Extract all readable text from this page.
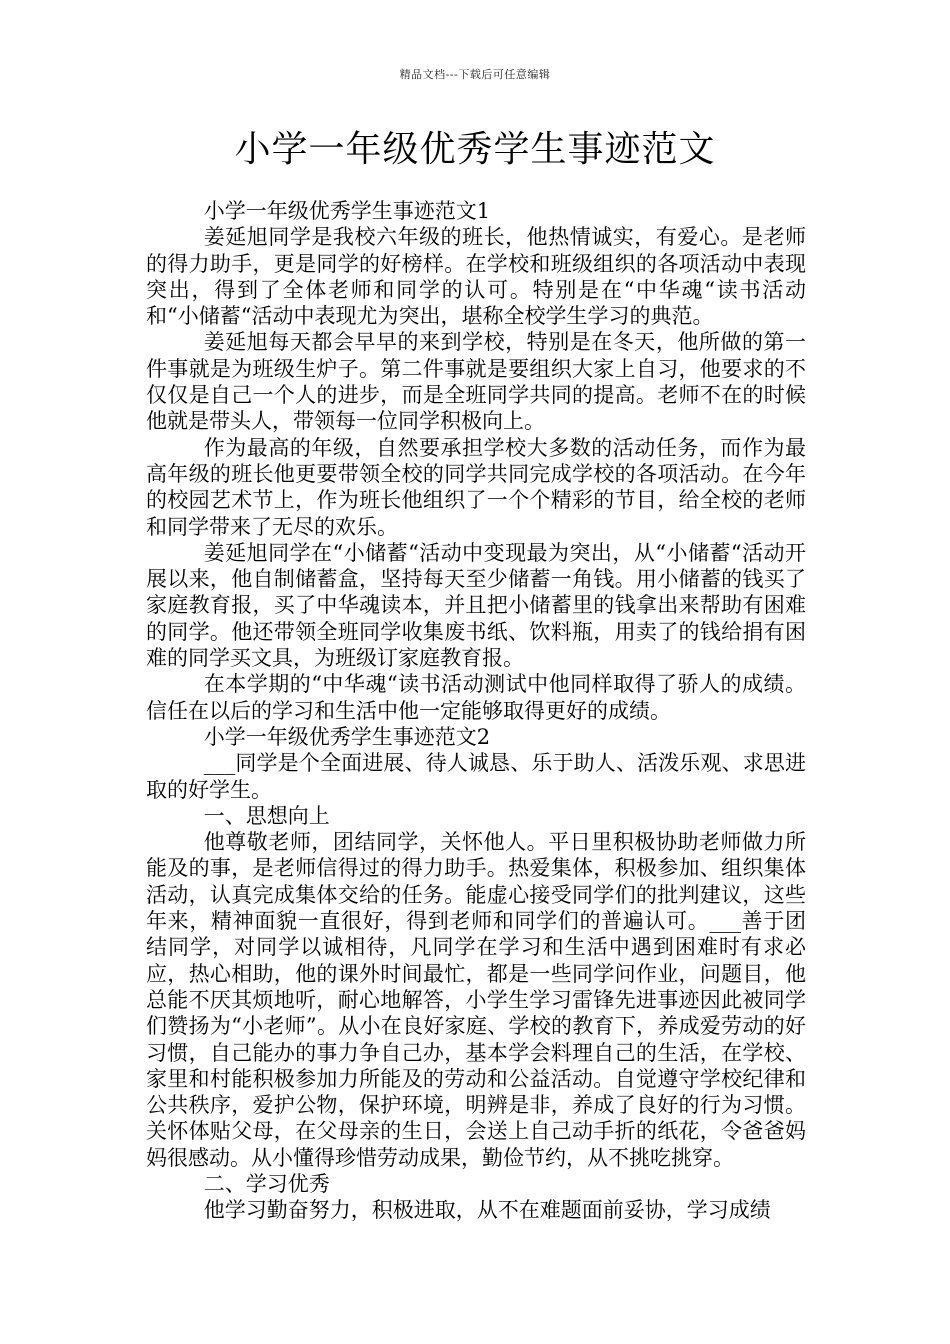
精品文档---下载后可任意编辑
小学一年级优秀学生事迹范文

小学一年级优秀学生事迹范文1

姜延旭同学是我校六年级的班长，他热情诚实，有爱心。是老师的得力助手，更是同学的好榜样。在学校和班级组织的各项活动中表现突出，得到了全体老师和同学的认可。特别是在“中华魂“读书活动和“小储蓄“活动中表现尤为突出，堪称全校学生学习的典范。

姜延旭每天都会早早的来到学校，特别是在冬天，他所做的第一件事就是为班级生炉子。第二件事就是要组织大家上自习，他要求的不仅仅是自己一个人的进步，而是全班同学共同的提高。老师不在的时候他就是带头人，带领每一位同学积极向上。

作为最高的年级，自然要承担学校大多数的活动任务，而作为最高年级的班长他更要带领全校的同学共同完成学校的各项活动。在今年的校园艺术节上，作为班长他组织了一个个精彩的节目，给全校的老师和同学带来了无尽的欢乐。

姜延旭同学在“小储蓄“活动中变现最为突出，从“小储蓄“活动开展以来，他自制储蓄盒，坚持每天至少储蓄一角钱。用小储蓄的钱买了家庭教育报，买了中华魂读本，并且把小储蓄里的钱拿出来帮助有困难的同学。他还带领全班同学收集废书纸、饮料瓶，用卖了的钱给捐有困难的同学买文具，为班级订家庭教育报。

在本学期的“中华魂“读书活动测试中他同样取得了骄人的成绩。信任在以后的学习和生活中他一定能够取得更好的成绩。

小学一年级优秀学生事迹范文2

___同学是个全面进展、待人诚恳、乐于助人、活泼乐观、求思进取的好学生。

一、思想向上

他尊敬老师，团结同学，关怀他人。平日里积极协助老师做力所能及的事，是老师信得过的得力助手。热爱集体，积极参加、组织集体活动，认真完成集体交给的任务。能虚心接受同学们的批判建议，这些年来，精神面貌一直很好，得到老师和同学们的普遍认可。___善于团结同学，对同学以诚相待，凡同学在学习和生活中遇到困难时有求必应，热心相助，他的课外时间最忙，都是一些同学问作业，问题目，他总能不厌其烦地听，耐心地解答，小学生学习雷锋先进事迹因此被同学们赞扬为“小老师”。从小在良好家庭、学校的教育下，养成爱劳动的好习惯，自己能办的事力争自己办，基本学会料理自己的生活，在学校、家里和村能积极参加力所能及的劳动和公益活动。自觉遵守学校纪律和公共秩序，爱护公物，保护环境，明辨是非，养成了良好的行为习惯。关怀体贴父母，在父母亲的生日，会送上自己动手折的纸花，令爸爸妈妈很感动。从小懂得珍惜劳动成果，勤俭节约，从不挑吃挑穿。

二、学习优秀

他学习勤奋努力，积极进取，从不在难题面前妥协，学习成绩
